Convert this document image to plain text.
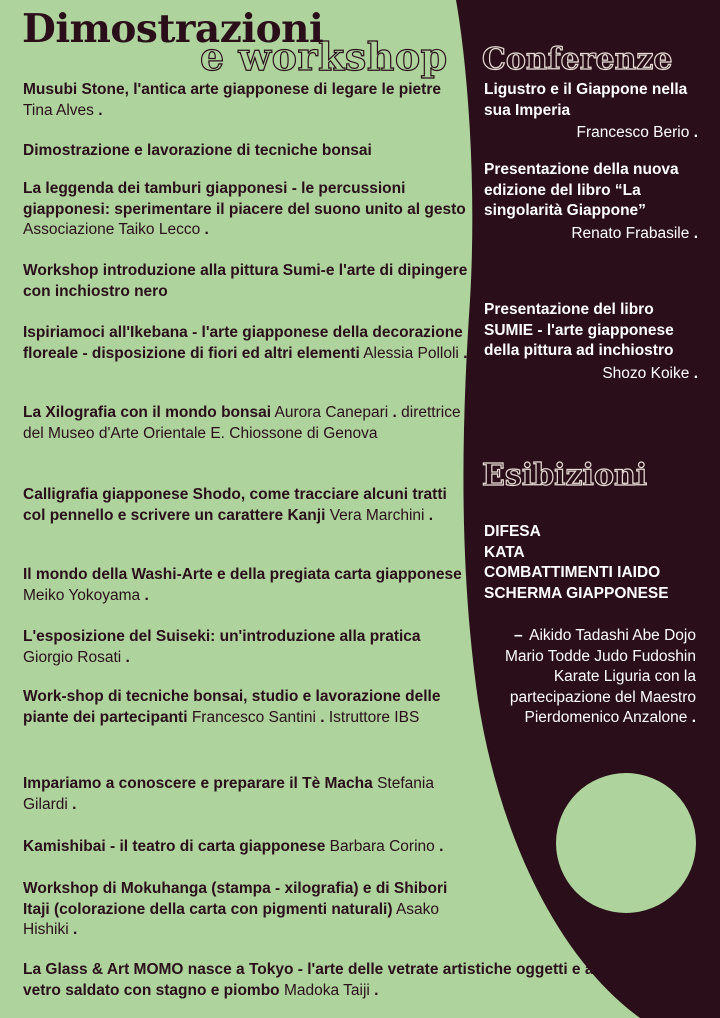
e workshop
Dimostrazioni
Musubi Stone, l'antica arte giapponese di legare le pietre Tina Alves .
Dimostrazione e lavorazione di tecniche bonsai
La leggenda dei tamburi giapponesi - le percussioni giapponesi: sperimentare il piacere del suono unito al gesto Associazione Taiko Lecco .
Workshop introduzione alla pittura Sumi-e l'arte di dipingere con inchiostro nero
Ispiriamoci all'Ikebana - l'arte giapponese della decorazione floreale - disposizione di fiori ed altri elementi Alessia Polloli .
La Xilografia con il mondo bonsai Aurora Canepari . direttrice del Museo d'Arte Orientale E. Chiossone di Genova
Calligrafia giapponese Shodo, come tracciare alcuni tratti col pennello e scrivere un carattere Kanji Vera Marchini .
Il mondo della Washi-Arte e della pregiata carta giapponese Meiko Yokoyama .
L'esposizione del Suiseki: un'introduzione alla pratica Giorgio Rosati .
Work-shop di tecniche bonsai, studio e lavorazione delle piante dei partecipanti Francesco Santini . Istruttore IBS
Impariamo a conoscere e preparare il Tè Macha Stefania Gilardi .
Kamishibai - il teatro di carta giapponese Barbara Corino .
Workshop di Mokuhanga (stampa - xilografia) e di Shibori Itaji (colorazione della carta con pigmenti naturali) Asako Hishiki .
La Glass & Art MOMO nasce a Tokyo - l'arte delle vetrate artistiche oggetti e accessori con vetro saldato con stagno e piombo Madoka Taiji .
Conferenze
Ligustro e il Giappone nella sua Imperia
Francesco Berio .
Presentazione della nuova edizione del libro “La singolarità Giappone”
Renato Frabasile .
Presentazione del libro SUMIE - l'arte giapponese della pittura ad inchiostro
Shozo Koike .
Esibizioni
DIFESA
KATA
COMBATTIMENTI IAIDO
SCHERMA GIAPPONESE
– Aikido Tadashi Abe Dojo Mario Todde Judo Fudoshin Karate Liguria con la partecipazione del Maestro Pierdomenico Anzalone .
